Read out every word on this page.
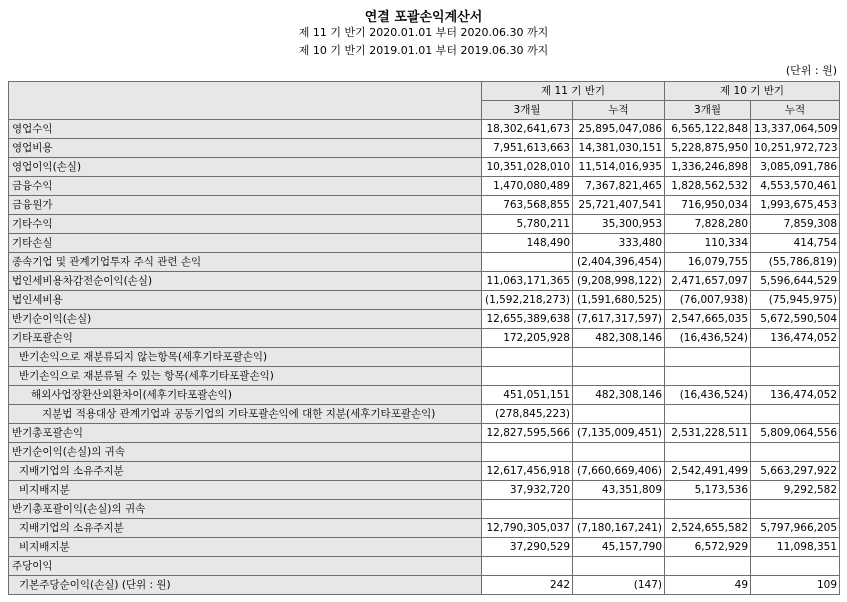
연결 포괄손익계산서
제 11 기 반기 2020.01.01 부터 2020.06.30 까지
제 10 기 반기 2019.01.01 부터 2019.06.30 까지
(단위 : 원)
	제 11 기 반기		제 10 기 반기	
	3개월	누적	3개월	누적
영업수익	18,302,641,673	25,895,047,086	6,565,122,848	13,337,064,509
영업비용	7,951,613,663	14,381,030,151	5,228,875,950	10,251,972,723
영업이익(손실)	10,351,028,010	11,514,016,935	1,336,246,898	3,085,091,786
금융수익	1,470,080,489	7,367,821,465	1,828,562,532	4,553,570,461
금융원가	763,568,855	25,721,407,541	716,950,034	1,993,675,453
기타수익	5,780,211	35,300,953	7,828,280	7,859,308
기타손실	148,490	333,480	110,334	414,754
종속기업 및 관계기업투자 주식 관련 손익		(2,404,396,454)	16,079,755	(55,786,819)
법인세비용차감전순이익(손실)	11,063,171,365	(9,208,998,122)	2,471,657,097	5,596,644,529
법인세비용	(1,592,218,273)	(1,591,680,525)	(76,007,938)	(75,945,975)
반기순이익(손실)	12,655,389,638	(7,617,317,597)	2,547,665,035	5,672,590,504
기타포괄손익	172,205,928	482,308,146	(16,436,524)	136,474,052
반기손익으로 재분류되지 않는항목(세후기타포괄손익)				
반기손익으로 재분류될 수 있는 항목(세후기타포괄손익)				
해외사업장환산외환차이(세후기타포괄손익)	451,051,151	482,308,146	(16,436,524)	136,474,052
지분법 적용대상 관계기업과 공동기업의 기타포괄손익에 대한 지분(세후기타포괄손익)	(278,845,223)			
반기총포괄손익	12,827,595,566	(7,135,009,451)	2,531,228,511	5,809,064,556
반기순이익(손실)의 귀속				
지배기업의 소유주지분	12,617,456,918	(7,660,669,406)	2,542,491,499	5,663,297,922
비지배지분	37,932,720	43,351,809	5,173,536	9,292,582
반기총포괄이익(손실)의 귀속				
지배기업의 소유주지분	12,790,305,037	(7,180,167,241)	2,524,655,582	5,797,966,205
비지배지분	37,290,529	45,157,790	6,572,929	11,098,351
주당이익				
기본주당순이익(손실) (단위 : 원)	242	(147)	49	109
